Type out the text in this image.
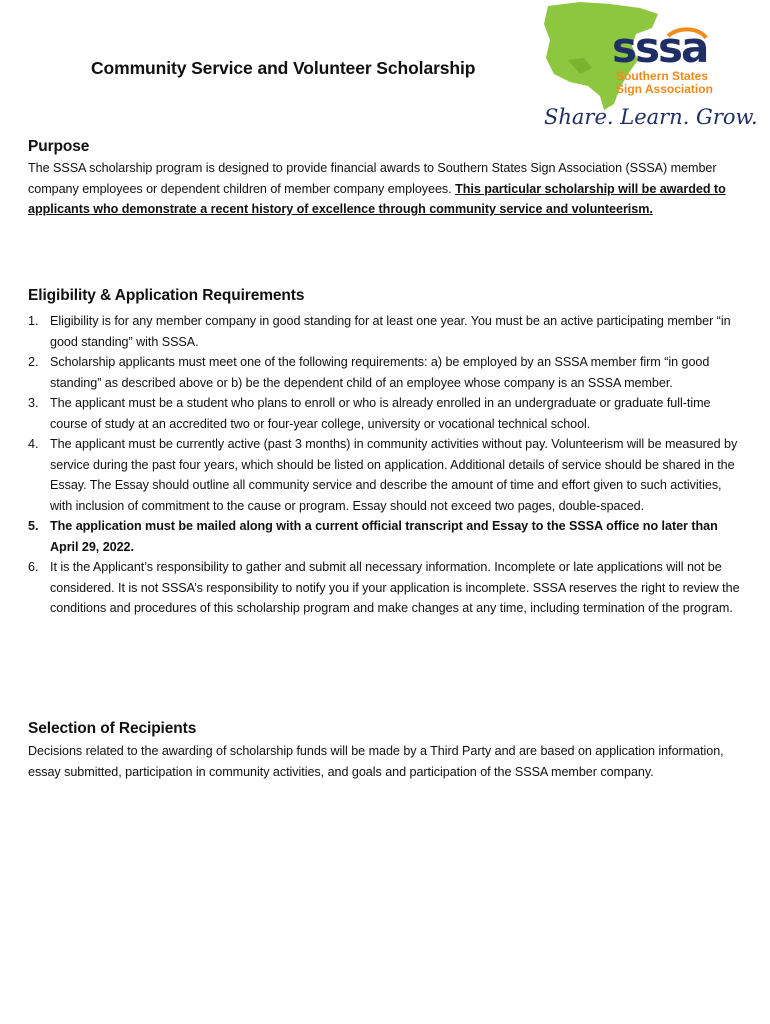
Community Service and Volunteer Scholarship	sssa
Southern States
Sign Association
Share. Learn. Grow.
Purpose

The SSSA scholarship program is designed to provide financial awards to Southern States Sign Association (SSSA) member company employees or dependent children of member company employees. This particular scholarship will be awarded to applicants who demonstrate a recent history of excellence through community service and volunteerism.

Eligibility & Application Requirements
1. Eligibility is for any member company in good standing for at least one year. You must be an active participating member “in good standing” with SSSA.
2. Scholarship applicants must meet one of the following requirements: a) be employed by an SSSA member firm “in good standing” as described above or b) be the dependent child of an employee whose company is an SSSA member.
3. The applicant must be a student who plans to enroll or who is already enrolled in an undergraduate or graduate full-time course of study at an accredited two or four-year college, university or vocational technical school.
4. The applicant must be currently active (past 3 months) in community activities without pay. Volunteerism will be measured by service during the past four years, which should be listed on application. Additional details of service should be shared in the Essay. The Essay should outline all community service and describe the amount of time and effort given to such activities, with inclusion of commitment to the cause or program. Essay should not exceed two pages, double-spaced.
5. The application must be mailed along with a current official transcript and Essay to the SSSA office no later than April 29, 2022.
6. It is the Applicant’s responsibility to gather and submit all necessary information. Incomplete or late applications will not be considered. It is not SSSA’s responsibility to notify you if your application is incomplete. SSSA reserves the right to review the conditions and procedures of this scholarship program and make changes at any time, including termination of the program.
Selection of Recipients

Decisions related to the awarding of scholarship funds will be made by a Third Party and are based on application information, essay submitted, participation in community activities, and goals and participation of the SSSA member company.
